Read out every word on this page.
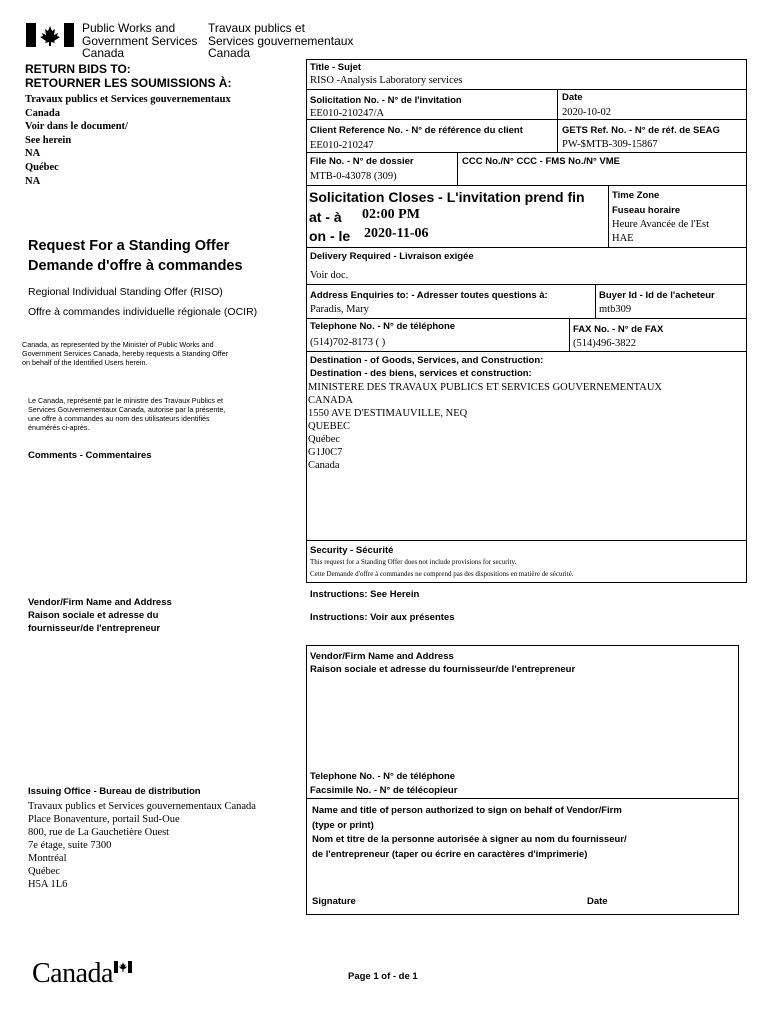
Public Works and
Government Services
Canada
Travaux publics et
Services gouvernementaux
Canada
RETURN BIDS TO:
RETOURNER LES SOUMISSIONS À:
Travaux publics et Services gouvernementaux
Canada
Voir dans le document/
See herein
NA
Québec
NA
Request For a Standing Offer
Demande d'offre à commandes
Regional Individual Standing Offer (RISO)
Offre à commandes individuelle régionale (OCIR)
Canada, as represented by the Minister of Public Works and
Government Services Canada, hereby requests a Standing Offer
on behalf of the Identified Users herein.
Le Canada, représenté par le ministre des Travaux Publics et
Services Gouvernementaux Canada, autorise par la présente,
une offre à commandes au nom des utilisateurs identifiés
énumérés ci-après.
Comments - Commentaires
Vendor/Firm Name and Address
Raison sociale et adresse du
fournisseur/de l'entrepreneur
Issuing Office - Bureau de distribution
Travaux publics et Services gouvernementaux Canada
Place Bonaventure, portail Sud-Oue
800, rue de La Gauchetière Ouest
7e étage, suite 7300
Montréal
Québec
H5A 1L6
Title - Sujet
RISO -Analysis Laboratory services
Solicitation No. - N° de l'invitation
EE010-210247/A
Date
2020-10-02
Client Reference No. - N° de référence du client
EE010-210247
GETS Ref. No. - N° de réf. de SEAG
PW-$MTB-309-15867
File No. - N° de dossier
MTB-0-43078 (309)
CCC No./N° CCC - FMS No./N° VME
Solicitation Closes - L'invitation prend fin
at - à 02:00 PM
on - le 2020-11-06
Time Zone
Fuseau horaire
Heure Avancée de l'Est
HAE
Delivery Required - Livraison exigée
Voir doc.
Address Enquiries to: - Adresser toutes questions à:
Paradis, Mary
Buyer Id - Id de l'acheteur
mtb309
Telephone No. - N° de téléphone
(514)702-8173 ( )
FAX No. - N° de FAX
(514)496-3822
Destination - of Goods, Services, and Construction:
Destination - des biens, services et construction:
MINISTERE DES TRAVAUX PUBLICS ET SERVICES GOUVERNEMENTAUX
CANADA
1550 AVE D'ESTIMAUVILLE, NEQ
QUEBEC
Québec
G1J0C7
Canada
Security - Sécurité
This request for a Standing Offer does not include provisions for security.
Cette Demande d'offre à commandes ne comprend pas des dispositions en matière de sécurité.
Instructions: See Herein
Instructions: Voir aux présentes
Vendor/Firm Name and Address
Raison sociale et adresse du fournisseur/de l'entrepreneur
Telephone No. - N° de téléphone
Facsimile No. - N° de télécopieur
Name and title of person authorized to sign on behalf of Vendor/Firm
(type or print)
Nom et titre de la personne autorisée à signer au nom du fournisseur/
de l'entrepreneur (taper ou écrire en caractères d'imprimerie)
Signature	Date
Canada	Page 1 of - de 1
